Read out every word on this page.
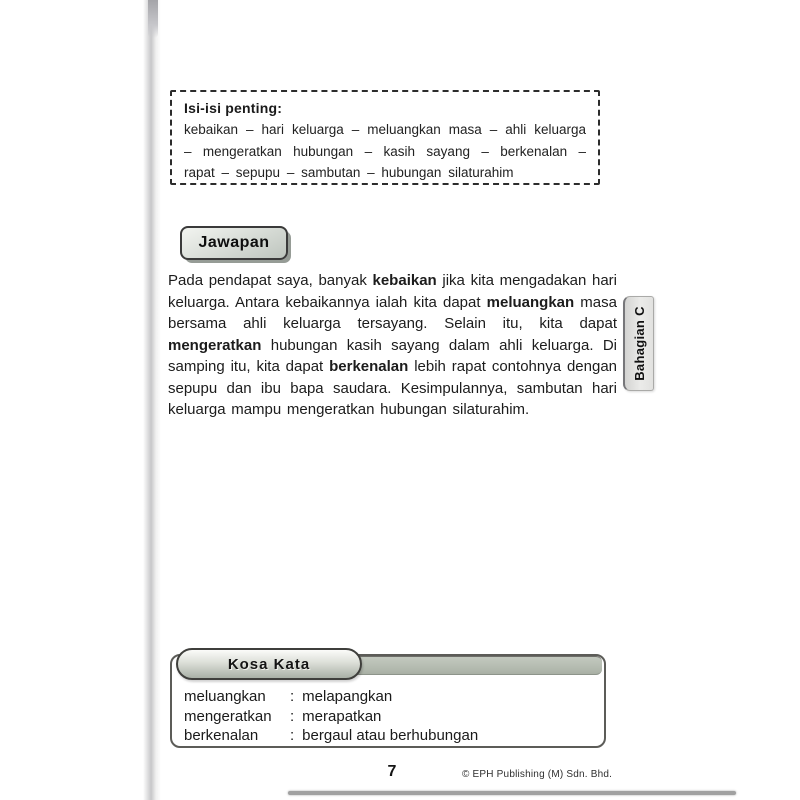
Isi-isi penting:
kebaikan – hari keluarga – meluangkan masa – ahli keluarga – mengeratkan hubungan – kasih sayang – berkenalan – rapat – sepupu – sambutan – hubungan silaturahim
Jawapan

Pada pendapat saya, banyak kebaikan jika kita mengadakan hari keluarga. Antara kebaikannya ialah kita dapat meluangkan masa bersama ahli keluarga tersayang. Selain itu, kita dapat mengeratkan hubungan kasih sayang dalam ahli keluarga. Di samping itu, kita dapat berkenalan lebih rapat contohnya dengan sepupu dan ibu bapa saudara. Kesimpulannya, sambutan hari keluarga mampu mengeratkan hubungan silaturahim.

Bahagian C
Kosa Kata
meluangkan	: melapangkan
mengeratkan	: merapatkan
berkenalan	: bergaul atau berhubungan
7	© EPH Publishing (M) Sdn. Bhd.
